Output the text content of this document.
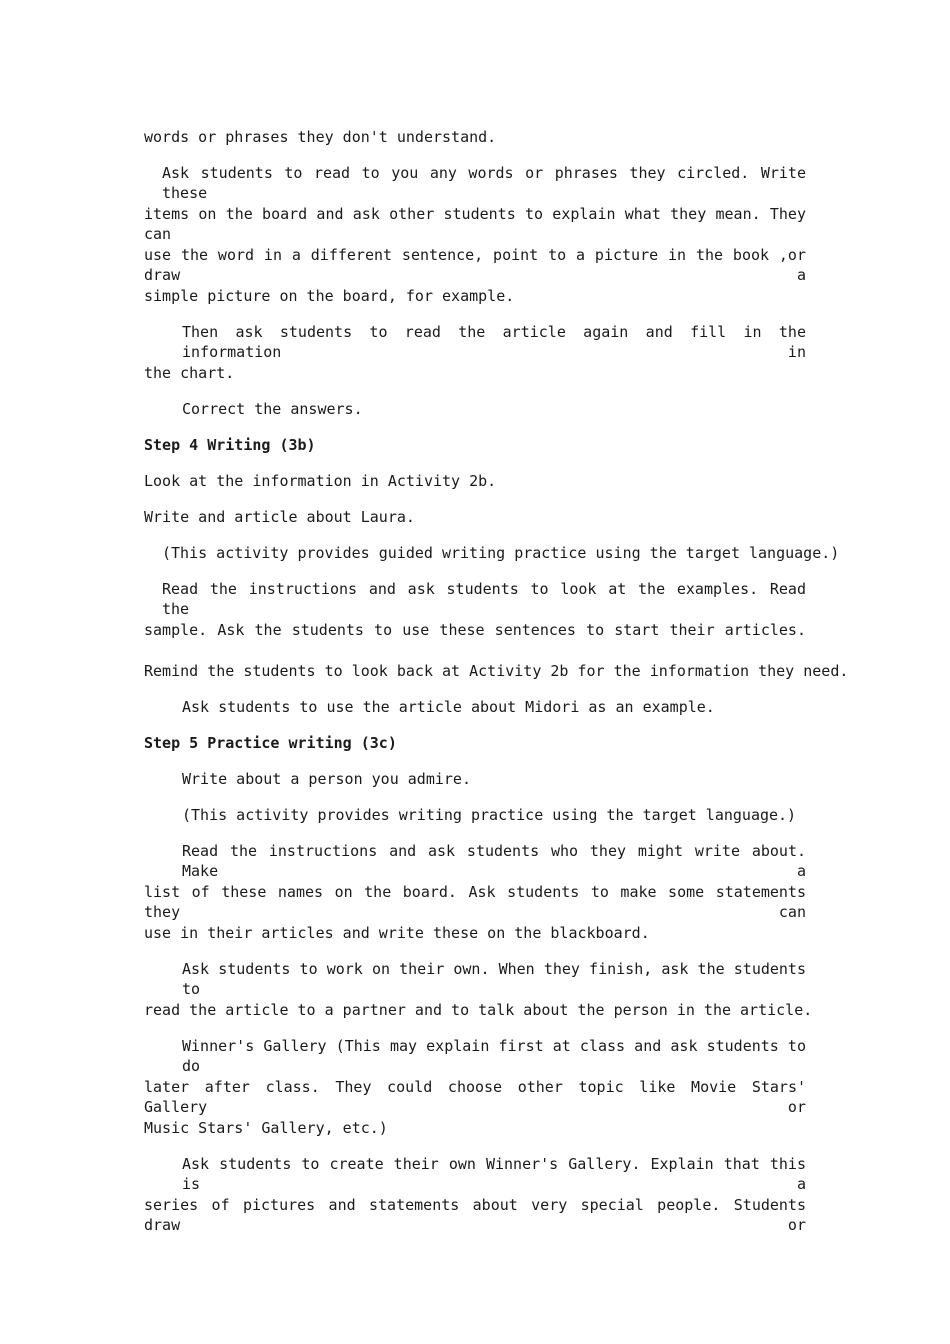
words or phrases they don't understand.
Ask students to read to you any words or phrases they circled. Write these
items on the board and ask other students to explain what they mean. They can
use the word in a different sentence, point to a picture in the book ,or draw a
simple picture on the board, for example.
Then ask students to read the article again and fill in the information in
the chart.
Correct the answers.
Step 4 Writing (3b)
Look at the information in Activity 2b.
Write and article about Laura.
(This activity provides guided writing practice using the target language.)
Read the instructions and ask students to look at the examples. Read the
sample. Ask the students to use these sentences to start their articles.
Remind the students to look back at Activity 2b for the information they need.
Ask students to use the article about Midori as an example.
Step 5 Practice writing (3c)
Write about a person you admire.
(This activity provides writing practice using the target language.)
Read the instructions and ask students who they might write about. Make a
list of these names on the board. Ask students to make some statements they can
use in their articles and write these on the blackboard.
Ask students to work on their own. When they finish, ask the students to
read the article to a partner and to talk about the person in the article.
Winner's Gallery (This may explain first at class and ask students to do
later after class. They could choose other topic like Movie Stars' Gallery or
Music Stars' Gallery, etc.)
Ask students to create their own Winner's Gallery. Explain that this is a
series of pictures and statements about very special people. Students draw or
